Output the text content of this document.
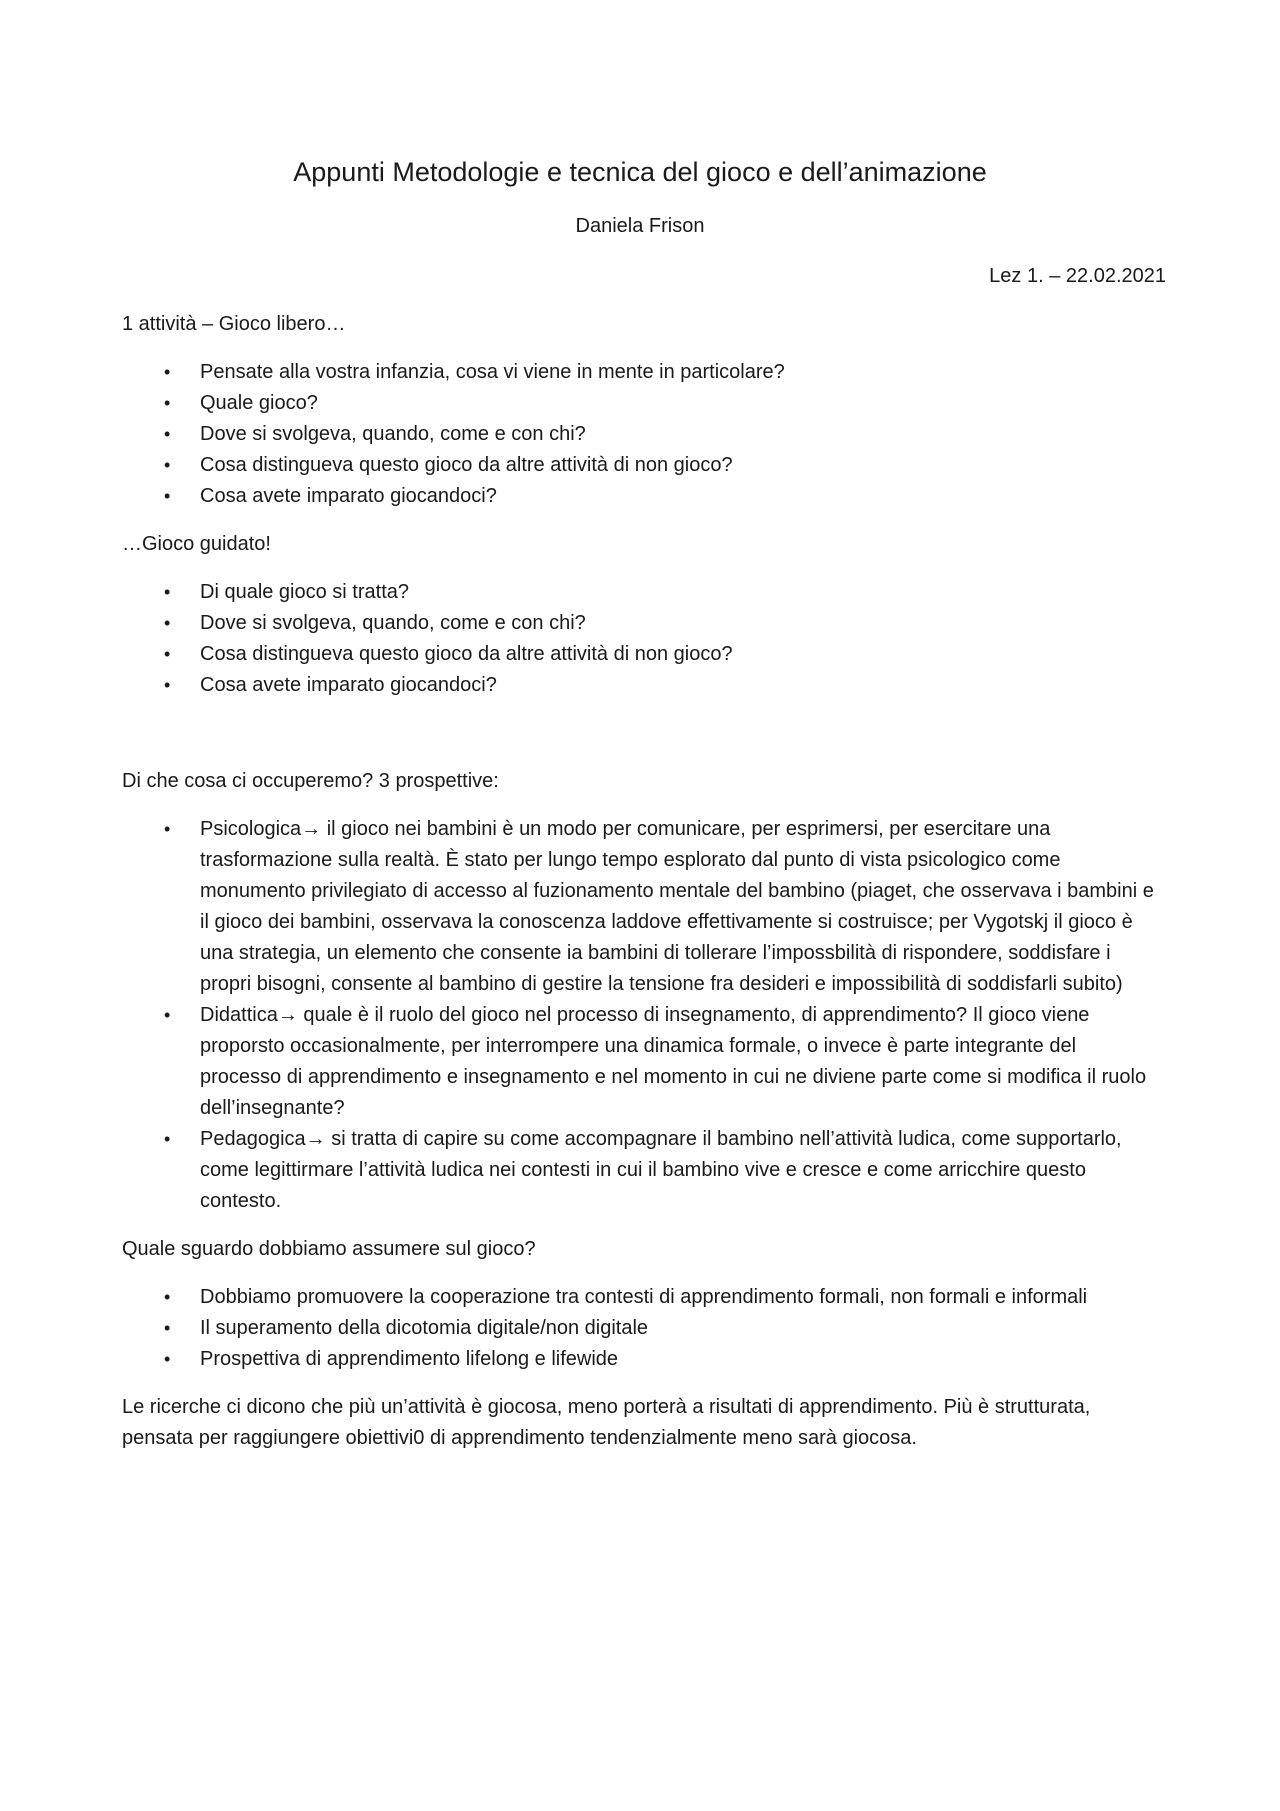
Appunti Metodologie e tecnica del gioco e dell’animazione
Daniela Frison
Lez 1. – 22.02.2021

1 attività – Gioco libero…

• Pensate alla vostra infanzia, cosa vi viene in mente in particolare?
• Quale gioco?
• Dove si svolgeva, quando, come e con chi?
• Cosa distingueva questo gioco da altre attività di non gioco?
• Cosa avete imparato giocandoci?

…Gioco guidato!

• Di quale gioco si tratta?
• Dove si svolgeva, quando, come e con chi?
• Cosa distingueva questo gioco da altre attività di non gioco?
• Cosa avete imparato giocandoci?

Di che cosa ci occuperemo? 3 prospettive:

• Psicologica→ il gioco nei bambini è un modo per comunicare, per esprimersi, per esercitare una trasformazione sulla realtà. È stato per lungo tempo esplorato dal punto di vista psicologico come monumento privilegiato di accesso al fuzionamento mentale del bambino (piaget, che osservava i bambini e il gioco dei bambini, osservava la conoscenza laddove effettivamente si costruisce; per Vygotskj il gioco è una strategia, un elemento che consente ia bambini di tollerare l’impossbilità di rispondere, soddisfare i propri bisogni, consente al bambino di gestire la tensione fra desideri e impossibilità di soddisfarli subito)
• Didattica→ quale è il ruolo del gioco nel processo di insegnamento, di apprendimento? Il gioco viene proporsto occasionalmente, per interrompere una dinamica formale, o invece è parte integrante del processo di apprendimento e insegnamento e nel momento in cui ne diviene parte come si modifica il ruolo dell’insegnante?
• Pedagogica→ si tratta di capire su come accompagnare il bambino nell’attività ludica, come supportarlo, come legittirmare l’attività ludica nei contesti in cui il bambino vive e cresce e come arricchire questo contesto.

Quale sguardo dobbiamo assumere sul gioco?

• Dobbiamo promuovere la cooperazione tra contesti di apprendimento formali, non formali e informali
• Il superamento della dicotomia digitale/non digitale
• Prospettiva di apprendimento lifelong e lifewide

Le ricerche ci dicono che più un’attività è giocosa, meno porterà a risultati di apprendimento. Più è strutturata, pensata per raggiungere obiettivi0 di apprendimento tendenzialmente meno sarà giocosa.
